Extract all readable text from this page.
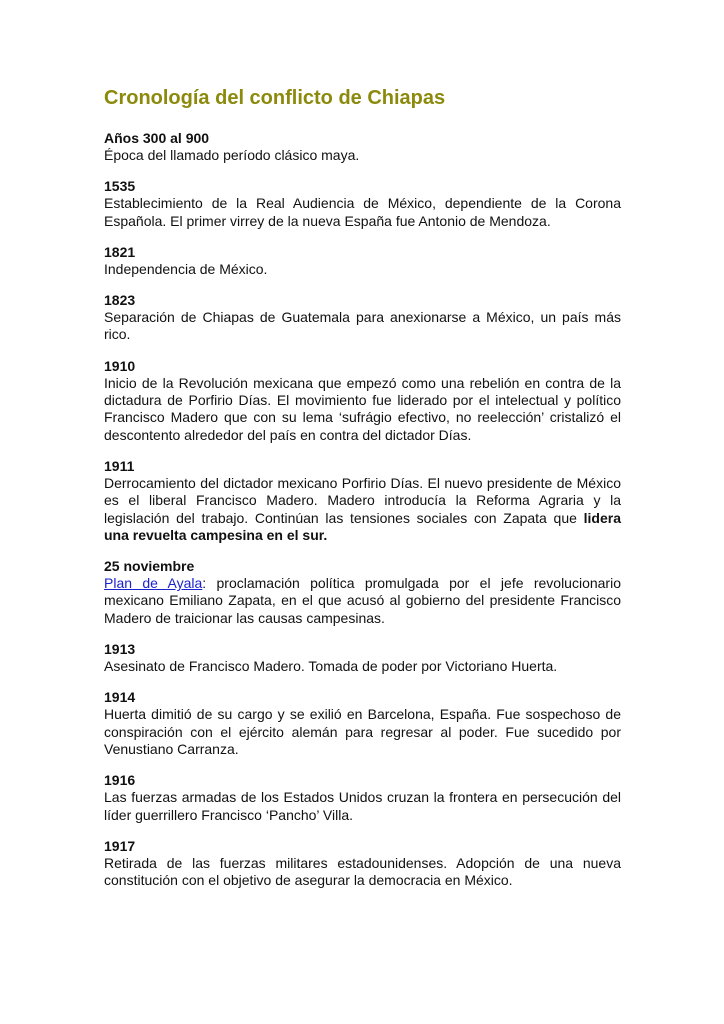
Cronología del conflicto de Chiapas

Años 300 al 900

Época del llamado período clásico maya.

1535

Establecimiento de la Real Audiencia de México, dependiente de la Corona Española. El primer virrey de la nueva España fue Antonio de Mendoza.

1821

Independencia de México.

1823

Separación de Chiapas de Guatemala para anexionarse a México, un país más rico.

1910

Inicio de la Revolución mexicana que empezó como una rebelión en contra de la dictadura de Porfirio Días. El movimiento fue liderado por el intelectual y político Francisco Madero que con su lema ‘sufrágio efectivo, no reelección’ cristalizó el descontento alrededor del país en contra del dictador Días.

1911

Derrocamiento del dictador mexicano Porfirio Días. El nuevo presidente de México es el liberal Francisco Madero. Madero introducía la Reforma Agraria y la legislación del trabajo. Continúan las tensiones sociales con Zapata que lidera una revuelta campesina en el sur.

25 noviembre

Plan de Ayala: proclamación política promulgada por el jefe revolucionario mexicano Emiliano Zapata, en el que acusó al gobierno del presidente Francisco Madero de traicionar las causas campesinas.

1913

Asesinato de Francisco Madero. Tomada de poder por Victoriano Huerta.

1914

Huerta dimitió de su cargo y se exilió en Barcelona, España. Fue sospechoso de conspiración con el ejército alemán para regresar al poder. Fue sucedido por Venustiano Carranza.

1916

Las fuerzas armadas de los Estados Unidos cruzan la frontera en persecución del líder guerrillero Francisco ‘Pancho’ Villa.

1917

Retirada de las fuerzas militares estadounidenses. Adopción de una nueva constitución con el objetivo de asegurar la democracia en México.
